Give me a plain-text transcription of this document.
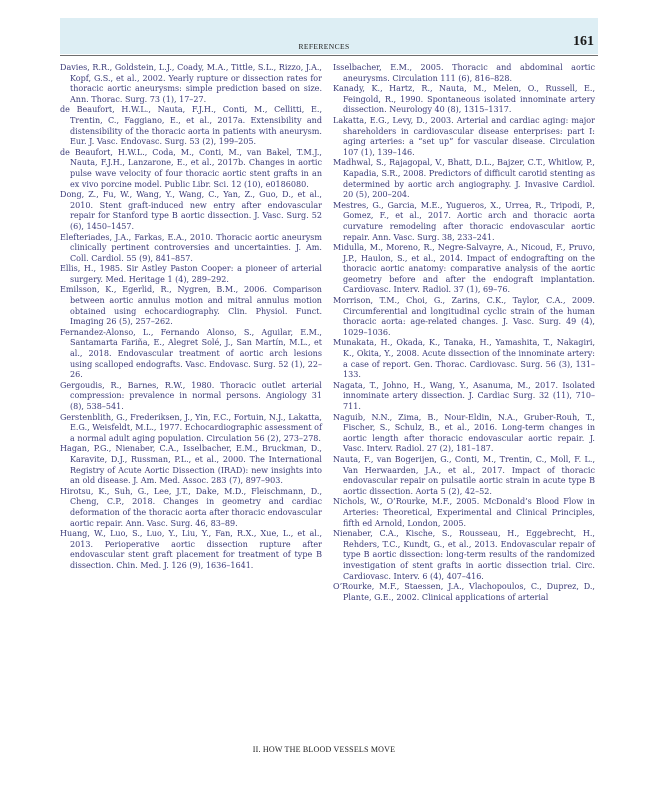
REFERENCES	161

Davies, R.R., Goldstein, L.J., Coady, M.A., Tittle, S.L., Rizzo, J.A., Kopf, G.S., et al., 2002. Yearly rupture or dissection rates for thoracic aortic aneurysms: simple prediction based on size. Ann. Thorac. Surg. 73 (1), 17–27.

de Beaufort, H.W.L., Nauta, F.J.H., Conti, M., Cellitti, E., Trentin, C., Faggiano, E., et al., 2017a. Extensibility and distensibility of the thoracic aorta in patients with aneurysm. Eur. J. Vasc. Endovasc. Surg. 53 (2), 199–205.

de Beaufort, H.W.L., Coda, M., Conti, M., van Bakel, T.M.J., Nauta, F.J.H., Lanzarone, E., et al., 2017b. Changes in aortic pulse wave velocity of four thoracic aortic stent grafts in an ex vivo porcine model. Public Libr. Sci. 12 (10), e0186080.

Dong, Z., Fu, W., Wang, Y., Wang, C., Yan, Z., Guo, D., et al., 2010. Stent graft-induced new entry after endovascular repair for Stanford type B aortic dissection. J. Vasc. Surg. 52 (6), 1450–1457.

Elefteriades, J.A., Farkas, E.A., 2010. Thoracic aortic aneurysm clinically pertinent controversies and uncertainties. J. Am. Coll. Cardiol. 55 (9), 841–857.

Ellis, H., 1985. Sir Astley Paston Cooper: a pioneer of arterial surgery. Med. Heritage 1 (4), 289–292.

Emilsson, K., Egerlid, R., Nygren, B.M., 2006. Comparison between aortic annulus motion and mitral annulus motion obtained using echocardiography. Clin. Physiol. Funct. Imaging 26 (5), 257–262.

Fernandez-Alonso, L., Fernando Alonso, S., Aguilar, E.M., Santamarta Fariña, E., Alegret Solé, J., San Martín, M.L., et al., 2018. Endovascular treatment of aortic arch lesions using scalloped endografts. Vasc. Endovasc. Surg. 52 (1), 22–26.

Gergoudis, R., Barnes, R.W., 1980. Thoracic outlet arterial compression: prevalence in normal persons. Angiology 31 (8), 538–541.

Gerstenblith, G., Frederiksen, J., Yin, F.C., Fortuin, N.J., Lakatta, E.G., Weisfeldt, M.L., 1977. Echocardiographic assessment of a normal adult aging population. Circulation 56 (2), 273–278.

Hagan, P.G., Nienaber, C.A., Isselbacher, E.M., Bruckman, D., Karavite, D.J., Russman, P.L., et al., 2000. The International Registry of Acute Aortic Dissection (IRAD): new insights into an old disease. J. Am. Med. Assoc. 283 (7), 897–903.

Hirotsu, K., Suh, G., Lee, J.T., Dake, M.D., Fleischmann, D., Cheng, C.P., 2018. Changes in geometry and cardiac deformation of the thoracic aorta after thoracic endovascular aortic repair. Ann. Vasc. Surg. 46, 83–89.

Huang, W., Luo, S., Luo, Y., Liu, Y., Fan, R.X., Xue, L., et al., 2013. Perioperative aortic dissection rupture after endovascular stent graft placement for treatment of type B dissection. Chin. Med. J. 126 (9), 1636–1641.

Isselbacher, E.M., 2005. Thoracic and abdominal aortic aneurysms. Circulation 111 (6), 816–828.

Kanady, K., Hartz, R., Nauta, M., Melen, O., Russell, E., Feingold, R., 1990. Spontaneous isolated innominate artery dissection. Neurology 40 (8), 1315–1317.

Lakatta, E.G., Levy, D., 2003. Arterial and cardiac aging: major shareholders in cardiovascular disease enterprises: part I: aging arteries: a “set up” for vascular disease. Circulation 107 (1), 139–146.

Madhwal, S., Rajagopal, V., Bhatt, D.L., Bajzer, C.T., Whitlow, P., Kapadia, S.R., 2008. Predictors of difficult carotid stenting as determined by aortic arch angiography. J. Invasive Cardiol. 20 (5), 200–204.

Mestres, G., Garcia, M.E., Yugueros, X., Urrea, R., Tripodi, P., Gomez, F., et al., 2017. Aortic arch and thoracic aorta curvature remodeling after thoracic endovascular aortic repair. Ann. Vasc. Surg. 38, 233–241.

Midulla, M., Moreno, R., Negre-Salvayre, A., Nicoud, F., Pruvo, J.P., Haulon, S., et al., 2014. Impact of endografting on the thoracic aortic anatomy: comparative analysis of the aortic geometry before and after the endograft implantation. Cardiovasc. Interv. Radiol. 37 (1), 69–76.

Morrison, T.M., Choi, G., Zarins, C.K., Taylor, C.A., 2009. Circumferential and longitudinal cyclic strain of the human thoracic aorta: age-related changes. J. Vasc. Surg. 49 (4), 1029–1036.

Munakata, H., Okada, K., Tanaka, H., Yamashita, T., Nakagiri, K., Okita, Y., 2008. Acute dissection of the innominate artery: a case of report. Gen. Thorac. Cardiovasc. Surg. 56 (3), 131–133.

Nagata, T., Johno, H., Wang, Y., Asanuma, M., 2017. Isolated innominate artery dissection. J. Cardiac Surg. 32 (11), 710–711.

Naguib, N.N., Zima, B., Nour-Eldin, N.A., Gruber-Rouh, T., Fischer, S., Schulz, B., et al., 2016. Long-term changes in aortic length after thoracic endovascular aortic repair. J. Vasc. Interv. Radiol. 27 (2), 181–187.

Nauta, F., van Bogerijen, G., Conti, M., Trentin, C., Moll, F. L., Van Herwaarden, J.A., et al., 2017. Impact of thoracic endovascular repair on pulsatile aortic strain in acute type B aortic dissection. Aorta 5 (2), 42–52.

Nichols, W., O’Rourke, M.F., 2005. McDonald’s Blood Flow in Arteries: Theoretical, Experimental and Clinical Principles, fifth ed Arnold, London, 2005.

Nienaber, C.A., Kische, S., Rousseau, H., Eggebrecht, H., Rehders, T.C., Kundt, G., et al., 2013. Endovascular repair of type B aortic dissection: long-term results of the randomized investigation of stent grafts in aortic dissection trial. Circ. Cardiovasc. Interv. 6 (4), 407–416.

O’Rourke, M.F., Staessen, J.A., Vlachopoulos, C., Duprez, D., Plante, G.E., 2002. Clinical applications of arterial

II. HOW THE BLOOD VESSELS MOVE
